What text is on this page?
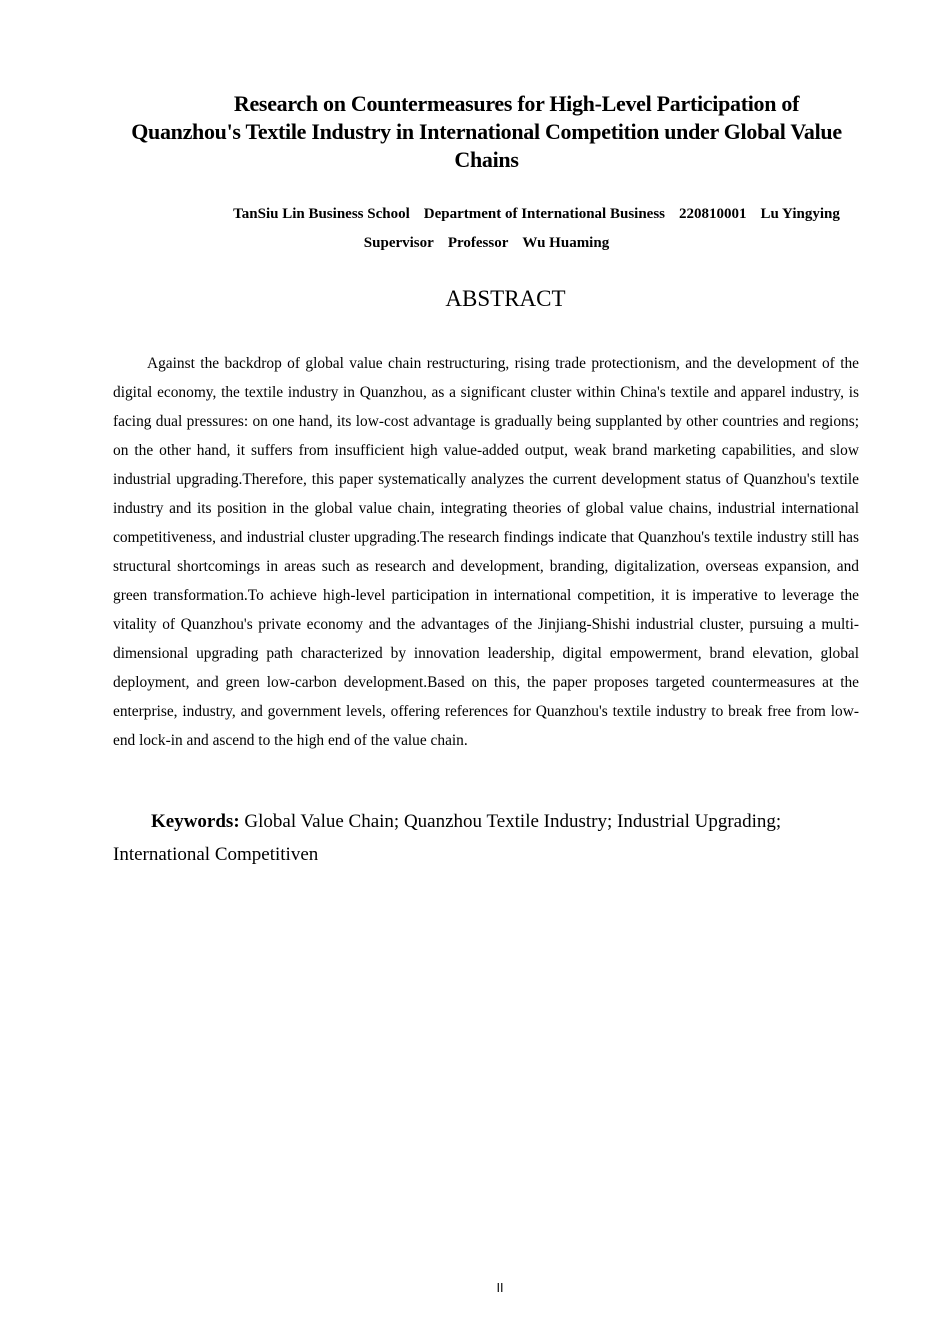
Research on Countermeasures for High-Level Participation of
Quanzhou's Textile Industry in International Competition under Global Value
Chains
TanSiu Lin Business School Department of International Business 220810001 Lu Yingying
Supervisor Professor Wu Huaming
ABSTRACT

Against the backdrop of global value chain restructuring, rising trade protectionism, and the development of the digital economy, the textile industry in Quanzhou, as a significant cluster within China's textile and apparel industry, is facing dual pressures: on one hand, its low-cost advantage is gradually being supplanted by other countries and regions; on the other hand, it suffers from insufficient high value-added output, weak brand marketing capabilities, and slow industrial upgrading.Therefore, this paper systematically analyzes the current development status of Quanzhou's textile industry and its position in the global value chain, integrating theories of global value chains, industrial international competitiveness, and industrial cluster upgrading.The research findings indicate that Quanzhou's textile industry still has structural shortcomings in areas such as research and development, branding, digitalization, overseas expansion, and green transformation.To achieve high-level participation in international competition, it is imperative to leverage the vitality of Quanzhou's private economy and the advantages of the Jinjiang-Shishi industrial cluster, pursuing a multi-dimensional upgrading path characterized by innovation leadership, digital empowerment, brand elevation, global deployment, and green low-carbon development.Based on this, the paper proposes targeted countermeasures at the enterprise, industry, and government levels, offering references for Quanzhou's textile industry to break free from low-end lock-in and ascend to the high end of the value chain.

Keywords: Global Value Chain; Quanzhou Textile Industry; Industrial Upgrading; International Competitiven

II
